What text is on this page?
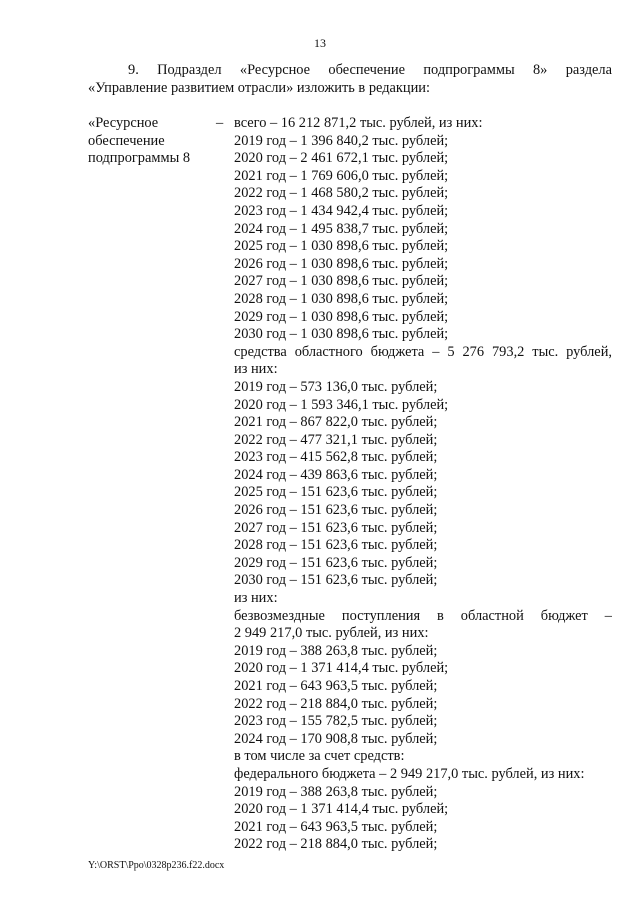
13
9. Подраздел «Ресурсное обеспечение подпрограммы 8» раздела
«Управление развитием отрасли» изложить в редакции:
«Ресурсное
обеспечение
подпрограммы 8
– всего – 16 212 871,2 тыс. рублей, из них:
2019 год – 1 396 840,2 тыс. рублей;
2020 год – 2 461 672,1 тыс. рублей;
2021 год – 1 769 606,0 тыс. рублей;
2022 год – 1 468 580,2 тыс. рублей;
2023 год – 1 434 942,4 тыс. рублей;
2024 год – 1 495 838,7 тыс. рублей;
2025 год – 1 030 898,6 тыс. рублей;
2026 год – 1 030 898,6 тыс. рублей;
2027 год – 1 030 898,6 тыс. рублей;
2028 год – 1 030 898,6 тыс. рублей;
2029 год – 1 030 898,6 тыс. рублей;
2030 год – 1 030 898,6 тыс. рублей;
средства областного бюджета – 5 276 793,2 тыс. рублей,
из них:
2019 год – 573 136,0 тыс. рублей;
2020 год – 1 593 346,1 тыс. рублей;
2021 год – 867 822,0 тыс. рублей;
2022 год – 477 321,1 тыс. рублей;
2023 год – 415 562,8 тыс. рублей;
2024 год – 439 863,6 тыс. рублей;
2025 год – 151 623,6 тыс. рублей;
2026 год – 151 623,6 тыс. рублей;
2027 год – 151 623,6 тыс. рублей;
2028 год – 151 623,6 тыс. рублей;
2029 год – 151 623,6 тыс. рублей;
2030 год – 151 623,6 тыс. рублей;
из них:
безвозмездные поступления в областной бюджет –
2 949 217,0 тыс. рублей, из них:
2019 год – 388 263,8 тыс. рублей;
2020 год – 1 371 414,4 тыс. рублей;
2021 год – 643 963,5 тыс. рублей;
2022 год – 218 884,0 тыс. рублей;
2023 год – 155 782,5 тыс. рублей;
2024 год – 170 908,8 тыс. рублей;
в том числе за счет средств:
федерального бюджета – 2 949 217,0 тыс. рублей, из них:
2019 год – 388 263,8 тыс. рублей;
2020 год – 1 371 414,4 тыс. рублей;
2021 год – 643 963,5 тыс. рублей;
2022 год – 218 884,0 тыс. рублей;
Y:\ORST\Ppo\0328p236.f22.docx
